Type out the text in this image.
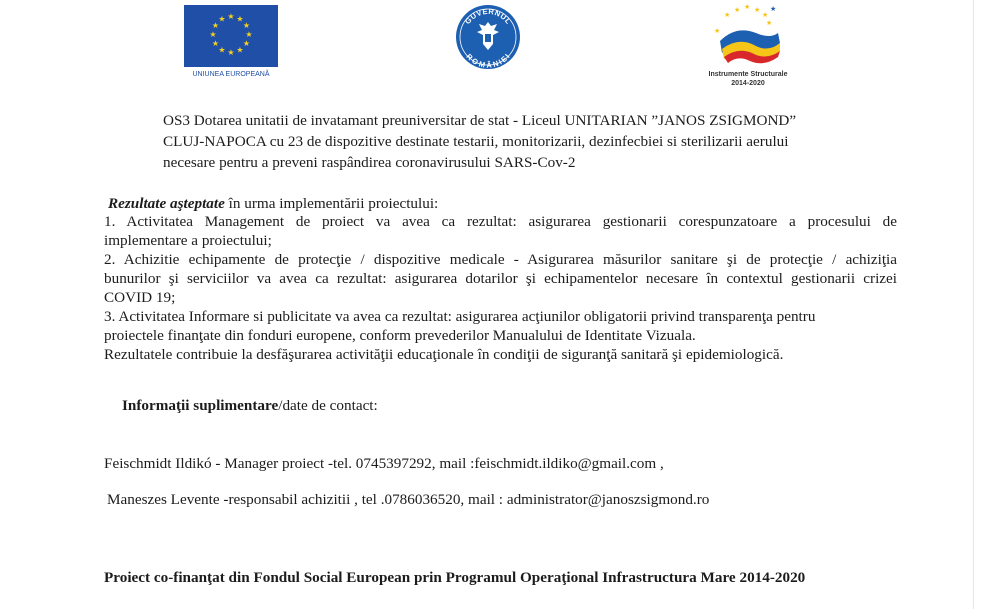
★ ★
★
★
★
★
★
★
★
★
★
★
UNIUNEA EUROPEANĂ
GUVERNUL
ROMÂNIEI
★ ★ ★
★
★
★
★
★
Instrumente Structurale
2014-2020
OS3 Dotarea unitatii de invatamant preuniversitar de stat - Liceul UNITARIAN ”JANOS ZSIGMOND”
CLUJ-NAPOCA cu 23 de dispozitive destinate testarii, monitorizarii, dezinfecbiei si sterilizarii aerului
necesare pentru a preveni raspândirea coronavirusului SARS-Cov-2
Rezultate aşteptate în urma implementării proiectului:
1. Activitatea Management de proiect va avea ca rezultat: asigurarea gestionarii corespunzatoare a procesului de
implementare a proiectului;
2. Achizitie echipamente de protecţie / dispozitive medicale - Asigurarea măsurilor sanitare şi de protecţie / achiziţia
bunurilor şi serviciilor va avea ca rezultat: asigurarea dotarilor şi echipamentelor necesare în contextul gestionarii crizei
COVID 19;
3. Activitatea Informare si publicitate va avea ca rezultat: asigurarea acţiunilor obligatorii privind transparenţa pentru
proiectele finanţate din fonduri europene, conform prevederilor Manualului de Identitate Vizuala.
Rezultatele contribuie la desfăşurarea activităţii educaţionale în condiţii de siguranţă sanitară şi epidemiologică.
Informaţii suplimentare/date de contact:
Feischmidt Ildikó - Manager proiect -tel. 0745397292, mail :feischmidt.ildiko@gmail.com ,
Maneszes Levente -responsabil achizitii , tel .0786036520, mail : administrator@janoszsigmond.ro
Proiect co-finanţat din Fondul Social European prin Programul Operaţional Infrastructura Mare 2014-2020
